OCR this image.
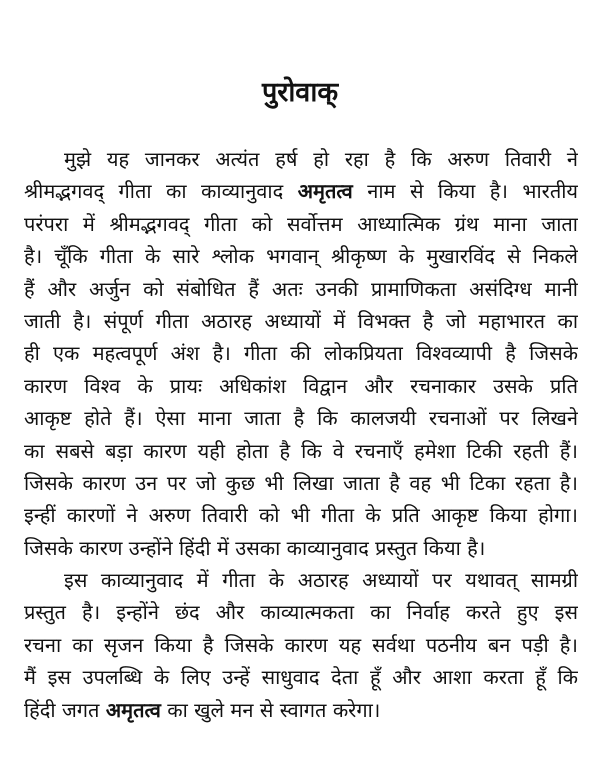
पुरोवाक्
मुझे यह जानकर अत्यंत हर्ष हो रहा है कि अरुण तिवारी ने
श्रीमद्भगवद् गीता का काव्यानुवाद अमृतत्व नाम से किया है। भारतीय
परंपरा में श्रीमद्भगवद् गीता को सर्वोत्तम आध्यात्मिक ग्रंथ माना जाता
है। चूँकि गीता के सारे श्लोक भगवान् श्रीकृष्ण के मुखारविंद से निकले
हैं और अर्जुन को संबोधित हैं अतः उनकी प्रामाणिकता असंदिग्ध मानी
जाती है। संपूर्ण गीता अठारह अध्यायों में विभक्त है जो महाभारत का
ही एक महत्वपूर्ण अंश है। गीता की लोकप्रियता विश्वव्यापी है जिसके
कारण विश्व के प्रायः अधिकांश विद्वान और रचनाकार उसके प्रति
आकृष्ट होते हैं। ऐसा माना जाता है कि कालजयी रचनाओं पर लिखने
का सबसे बड़ा कारण यही होता है कि वे रचनाएँ हमेशा टिकी रहती हैं।
जिसके कारण उन पर जो कुछ भी लिखा जाता है वह भी टिका रहता है।
इन्हीं कारणों ने अरुण तिवारी को भी गीता के प्रति आकृष्ट किया होगा।
जिसके कारण उन्होंने हिंदी में उसका काव्यानुवाद प्रस्तुत किया है।
इस काव्यानुवाद में गीता के अठारह अध्यायों पर यथावत् सामग्री
प्रस्तुत है। इन्होंने छंद और काव्यात्मकता का निर्वाह करते हुए इस
रचना का सृजन किया है जिसके कारण यह सर्वथा पठनीय बन पड़ी है।
मैं इस उपलब्धि के लिए उन्हें साधुवाद देता हूँ और आशा करता हूँ कि
हिंदी जगत अमृतत्व का खुले मन से स्वागत करेगा।
